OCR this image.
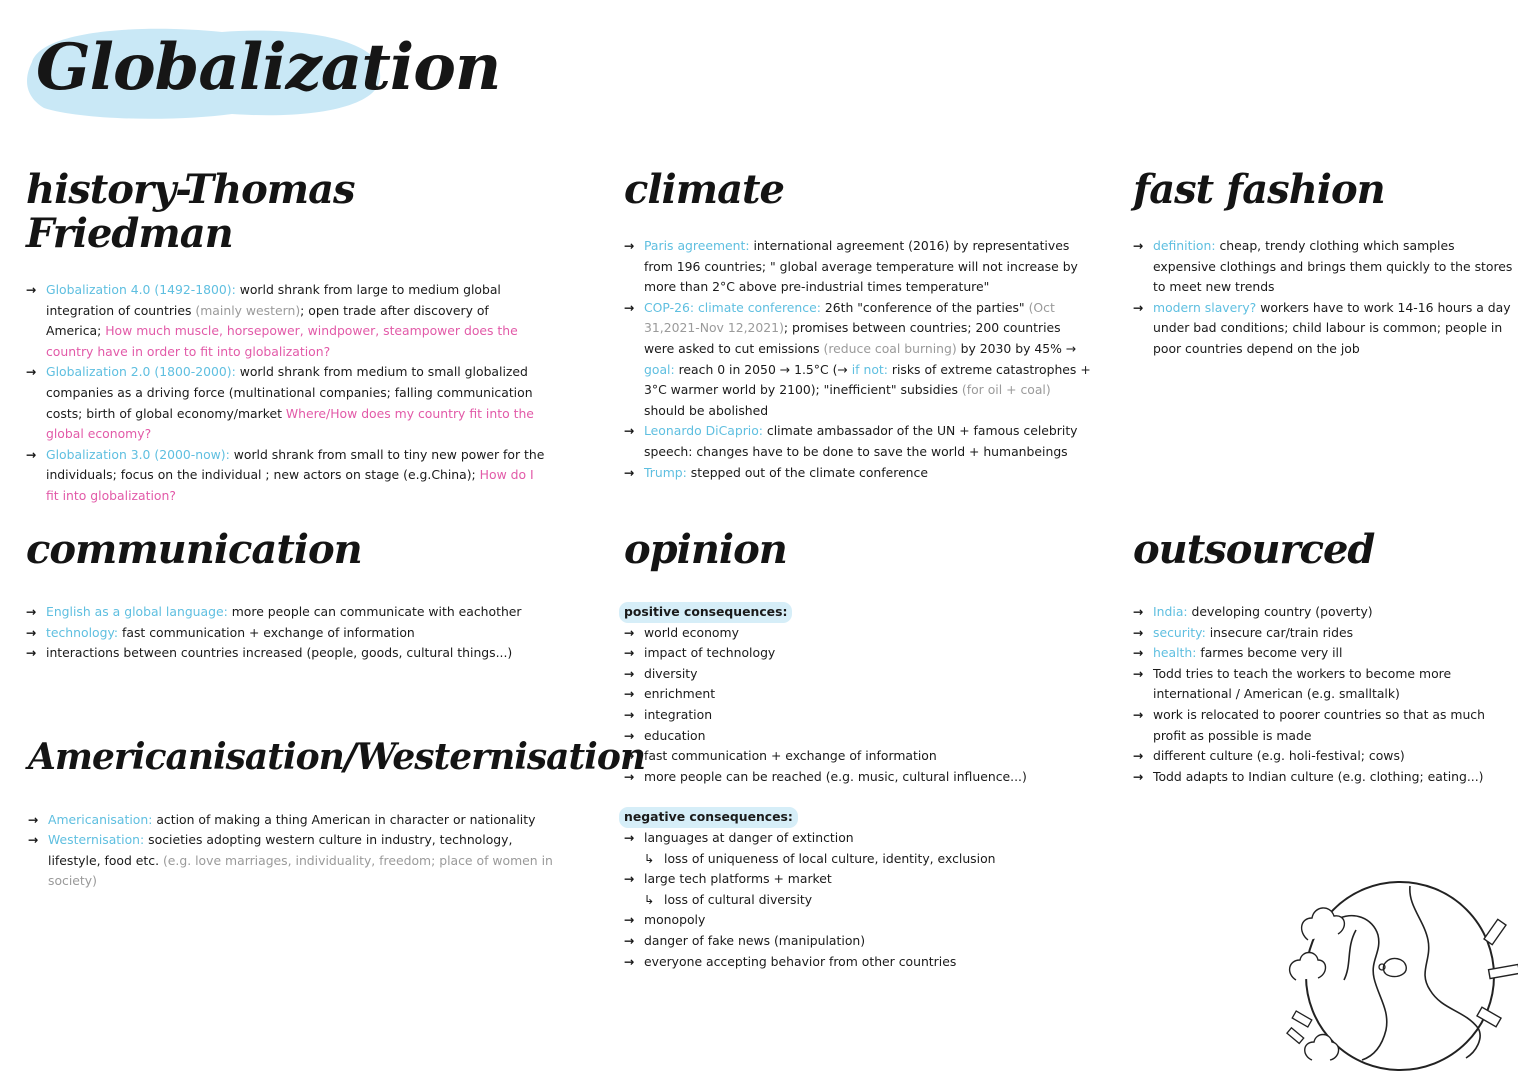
Globalization
history-Thomas Friedman
→ Globalization 4.0 (1492-1800): world shrank from large to medium global integration of countries (mainly western); open trade after discovery of America; How much muscle, horsepower, windpower, steampower does the country have in order to fit into globalization?
→ Globalization 2.0 (1800-2000): world shrank from medium to small globalized companies as a driving force (multinational companies; falling communication costs; birth of global economy/market Where/How does my country fit into the global economy?
→ Globalization 3.0 (2000-now): world shrank from small to tiny new power for the individuals; focus on the individual ; new actors on stage (e.g.China); How do I fit into globalization?
climate
→ Paris agreement: international agreement (2016) by representatives from 196 countries; " global average temperature will not increase by more than 2°C above pre-industrial times temperature"
→ COP-26: climate conference: 26th "conference of the parties" (Oct 31,2021-Nov 12,2021); promises between countries; 200 countries were asked to cut emissions (reduce coal burning) by 2030 by 45% → goal: reach 0 in 2050 → 1.5°C (→ if not: risks of extreme catastrophes + 3°C warmer world by 2100); "inefficient" subsidies (for oil + coal) should be abolished
→ Leonardo DiCaprio: climate ambassador of the UN + famous celebrity speech: changes have to be done to save the world + humanbeings
→ Trump: stepped out of the climate conference
fast fashion
→ definition: cheap, trendy clothing which samples expensive clothings and brings them quickly to the stores to meet new trends
→ modern slavery? workers have to work 14-16 hours a day under bad conditions; child labour is common; people in poor countries depend on the job
communication
→ English as a global language: more people can communicate with eachother
→ technology: fast communication + exchange of information
→ interactions between countries increased (people, goods, cultural things...)
Americanisation/Westernisation
→ Americanisation: action of making a thing American in character or nationality
→ Westernisation: societies adopting western culture in industry, technology, lifestyle, food etc. (e.g. love marriages, individuality, freedom; place of women in society)
opinion
positive consequences:
→ world economy
→ impact of technology
→ diversity
→ enrichment
→ integration
→ education
→ fast communication + exchange of information
→ more people can be reached (e.g. music, cultural influence...)
negative consequences:
→ languages at danger of extinction
↳ loss of uniqueness of local culture, identity, exclusion
→ large tech platforms + market
↳ loss of cultural diversity
→ monopoly
→ danger of fake news (manipulation)
→ everyone accepting behavior from other countries
outsourced
→ India: developing country (poverty)
→ security: insecure car/train rides
→ health: farmes become very ill
→ Todd tries to teach the workers to become more international / American (e.g. smalltalk)
→ work is relocated to poorer countries so that as much profit as possible is made
→ different culture (e.g. holi-festival; cows)
→ Todd adapts to Indian culture (e.g. clothing; eating...)
